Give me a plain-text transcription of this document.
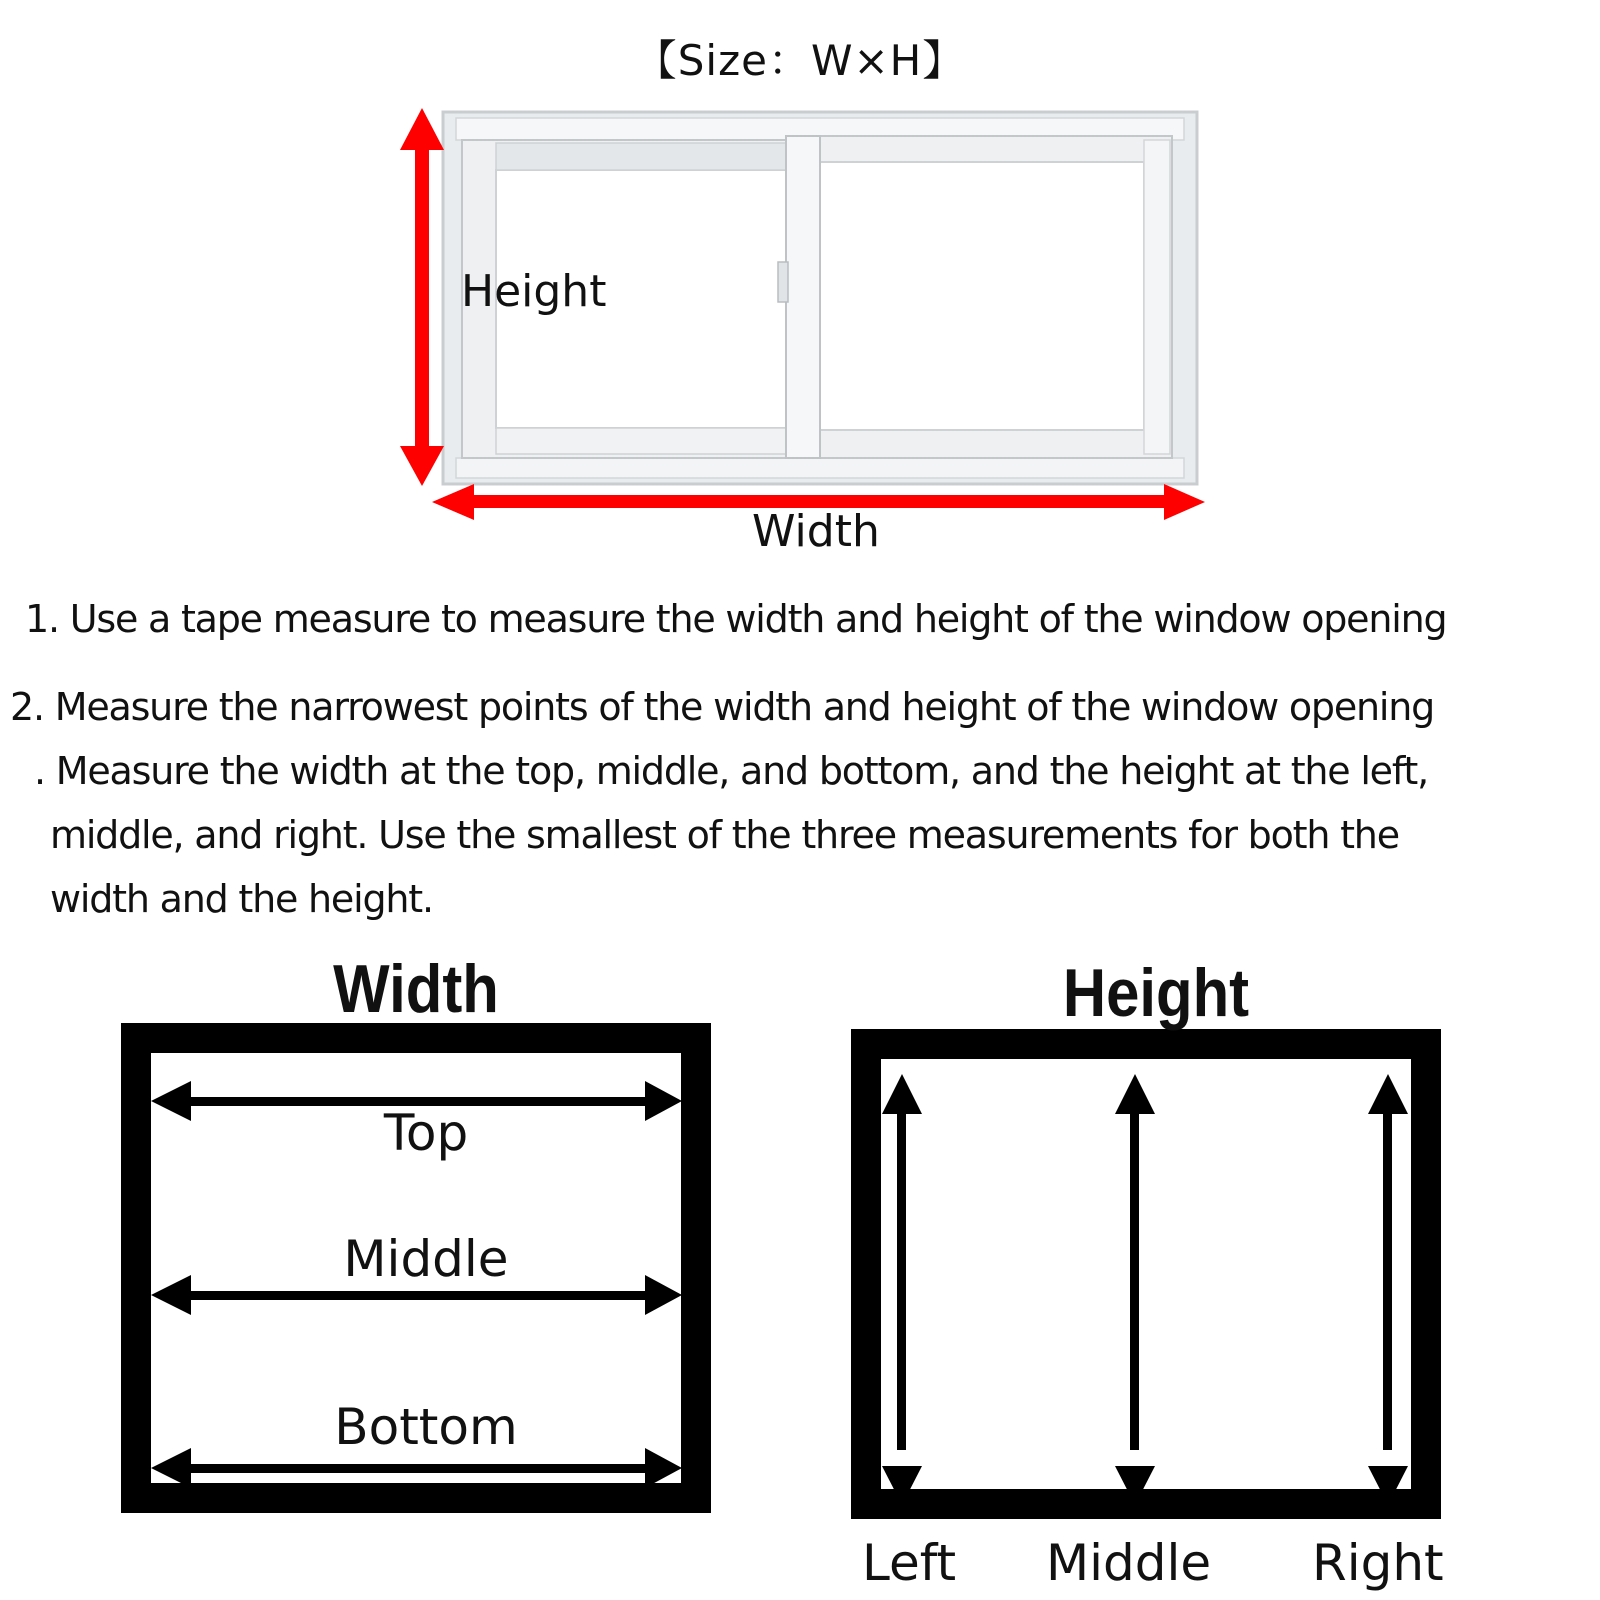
【Size：W×H】
Height
Width
1. Use a tape measure to measure the width and height of the window opening
2. Measure the narrowest points of the width and height of the window opening
. Measure the width at the top, middle, and bottom, and the height at the left,
middle, and right. Use the smallest of the three measurements for both the
width and the height.
Width	Height
Top
Middle
Bottom
Left Middle Right
